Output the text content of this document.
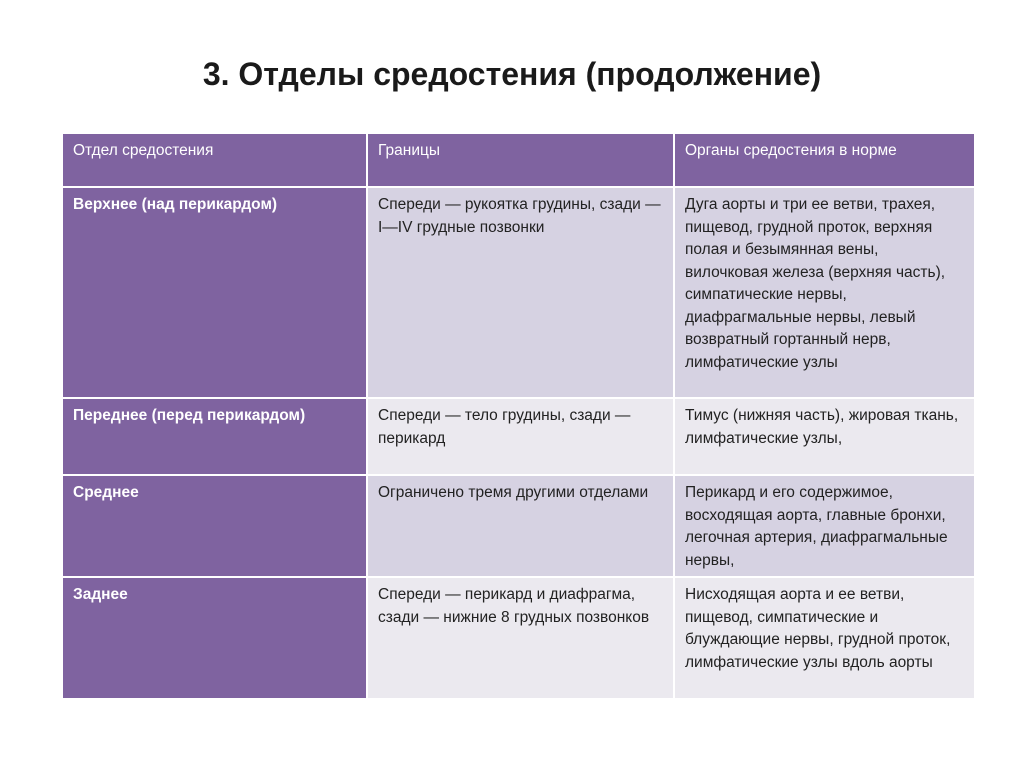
3. Отделы средостения (продолжение)
Отдел средостения	Границы	Органы средостения в норме
Верхнее (над перикардом)	Спереди — рукоятка грудины, сзади — I—IV грудные позвонки	Дуга аорты и три ее ветви, трахея, пищевод, грудной проток, верхняя полая и безымянная вены, вилочковая железа (верхняя часть), симпатические нервы, диафрагмальные нервы, левый возвратный гортанный нерв, лимфатические узлы
Переднее (перед перикардом)	Спереди — тело грудины, сзади — перикард	Тимус (нижняя часть), жировая ткань, лимфатические узлы,
Среднее	Ограничено тремя другими отделами	Перикард и его содержимое, восходящая аорта, главные бронхи, легочная артерия, диафрагмальные нервы,
Заднее	Спереди — перикард и диафрагма, сзади — нижние 8 грудных позвонков	Нисходящая аорта и ее ветви, пищевод, симпатические и блуждающие нервы, грудной проток, лимфатические узлы вдоль аорты
